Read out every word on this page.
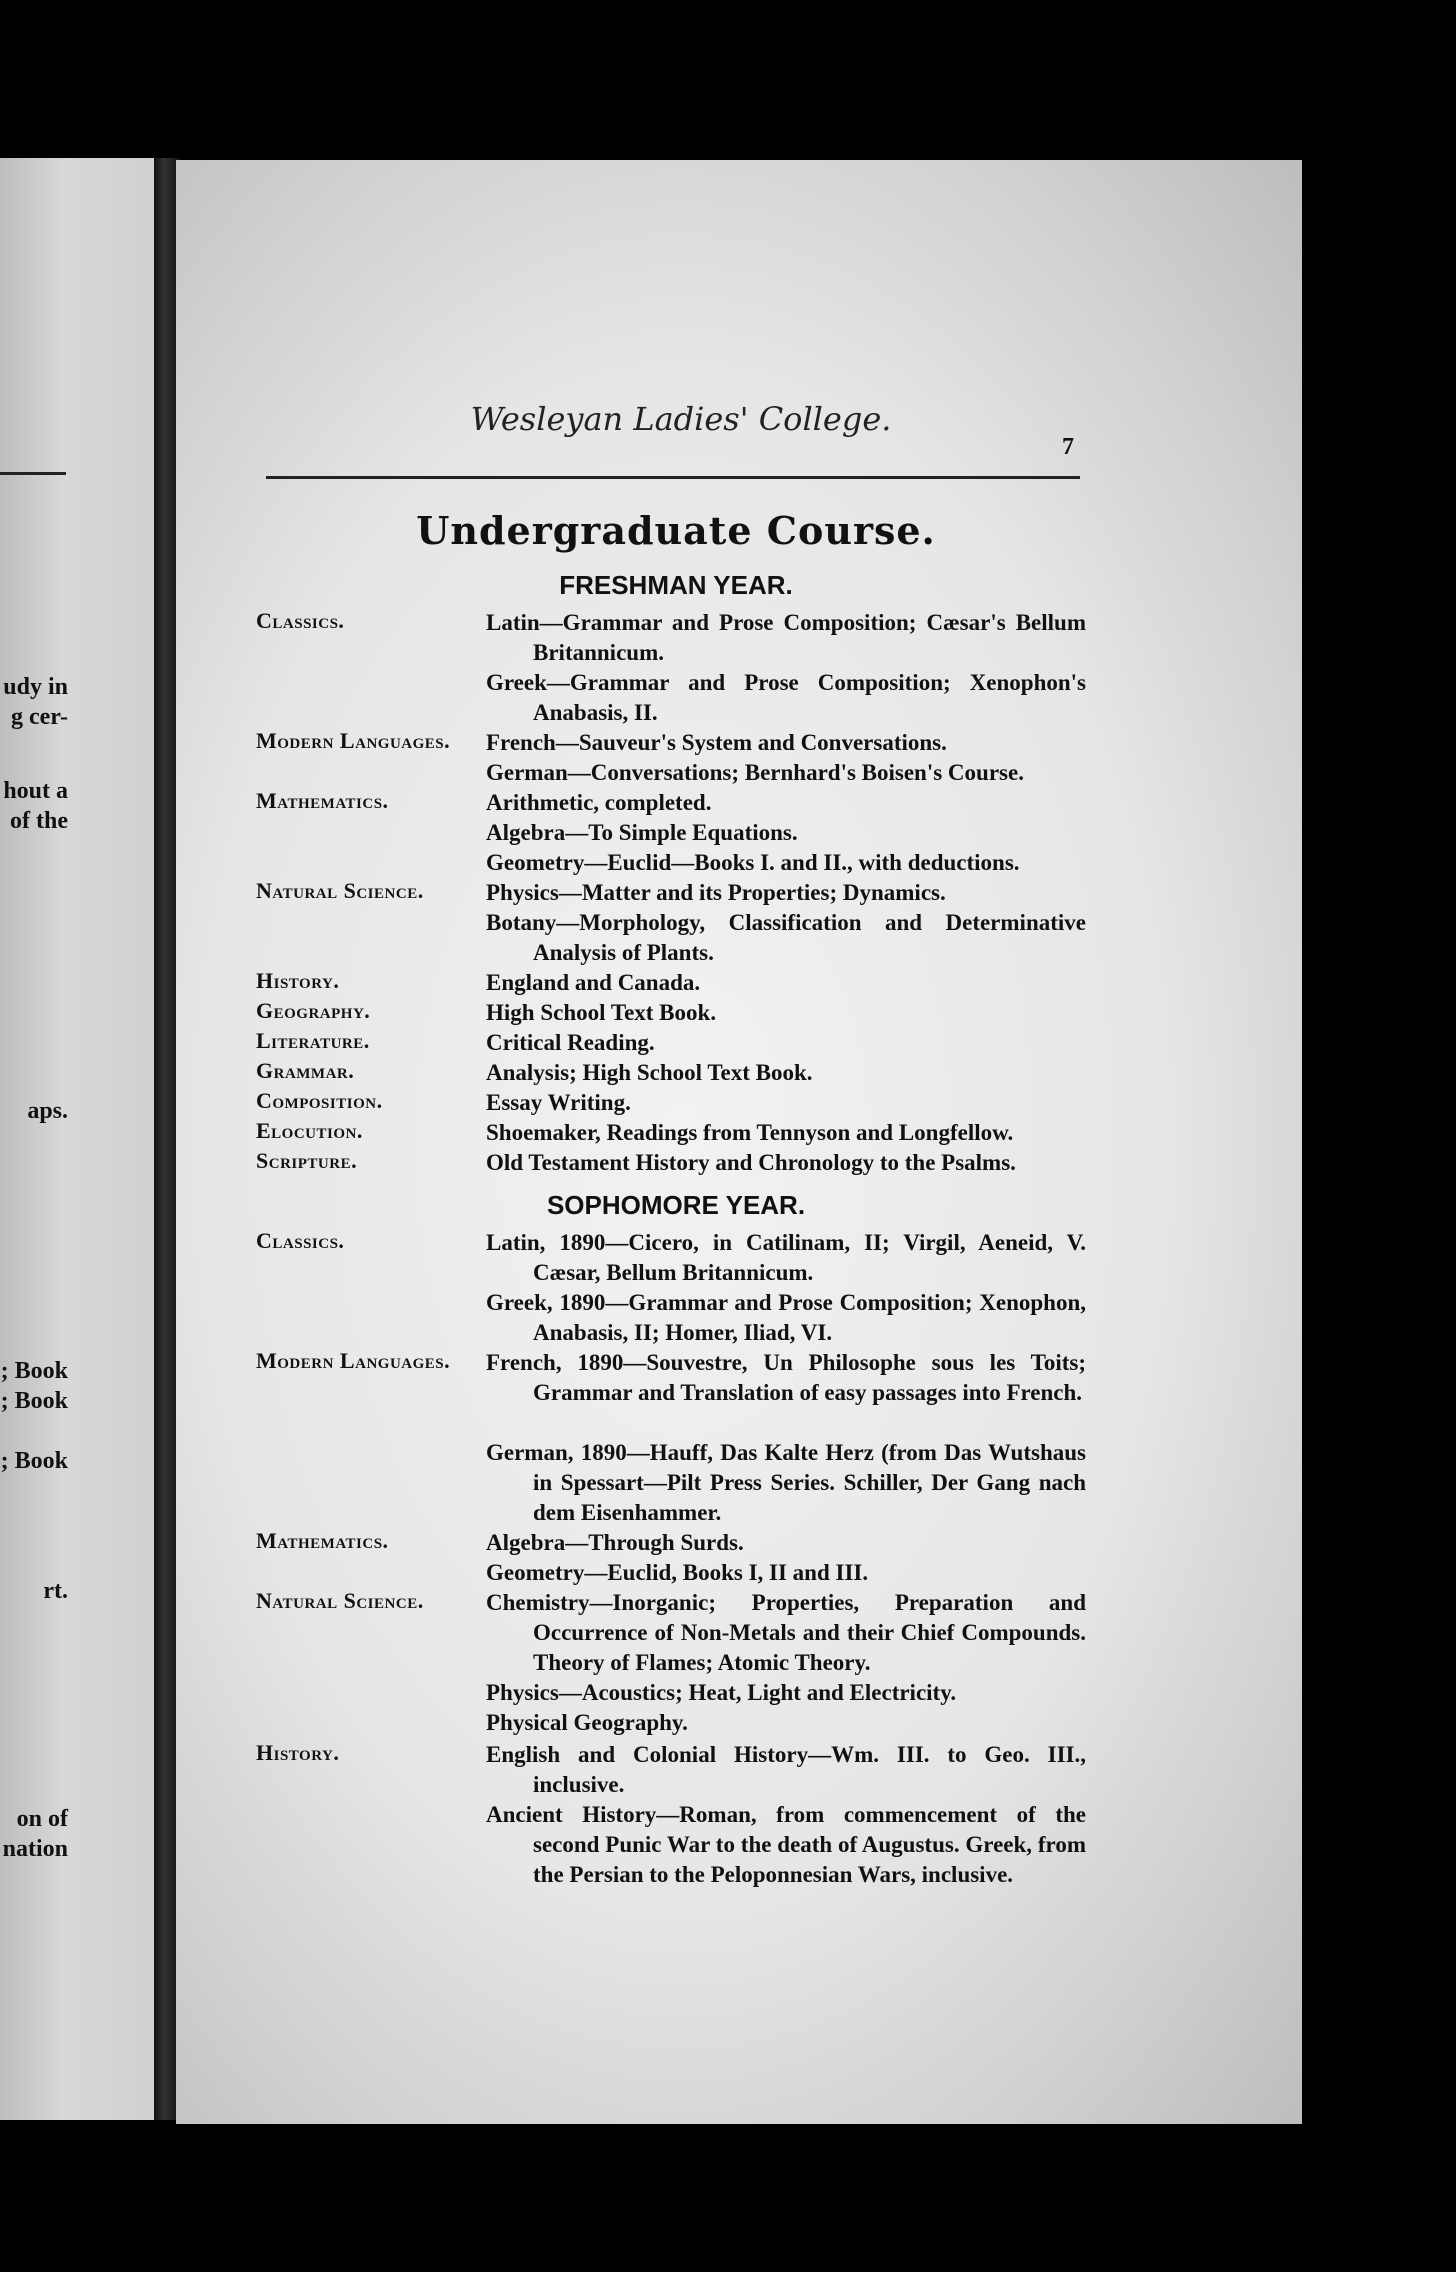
udy in
g cer-
hout a
of the
aps.
; Book
; Book
; Book
rt.
on of
nation
Wesleyan Ladies' College.
7
Undergraduate Course.
FRESHMAN YEAR.
Classics.	Latin—Grammar and Prose Composition; Cæsar's Bellum Britannicum.
Greek—Grammar and Prose Composition; Xenophon's Anabasis, II.
Modern Languages. French—Sauveur's System and Conversations.
German—Conversations; Bernhard's Boisen's Course.
Mathematics.	Arithmetic, completed.
Algebra—To Simple Equations.
Geometry—Euclid—Books I. and II., with deductions.
Natural Science.	Physics—Matter and its Properties; Dynamics.
Botany—Morphology, Classification and Determinative Analysis of Plants.
History.	England and Canada.
Geography.	High School Text Book.
Literature.	Critical Reading.
Grammar.	Analysis; High School Text Book.
Composition.	Essay Writing.
Elocution.	Shoemaker, Readings from Tennyson and Longfellow.
Scripture.	Old Testament History and Chronology to the Psalms.
SOPHOMORE YEAR.
Classics.	Latin, 1890—Cicero, in Catilinam, II; Virgil, Aeneid, V. Cæsar, Bellum Britannicum.
Greek, 1890—Grammar and Prose Composition; Xenophon, Anabasis, II; Homer, Iliad, VI.
Modern Languages. French, 1890—Souvestre, Un Philosophe sous les Toits; Grammar and Translation of easy passages into French.
German, 1890—Hauff, Das Kalte Herz (from Das Wutshaus in Spessart—Pilt Press Series. Schiller, Der Gang nach dem Eisenhammer.
Mathematics.	Algebra—Through Surds.
Geometry—Euclid, Books I, II and III.
Natural Science.	Chemistry—Inorganic; Properties, Preparation and Occurrence of Non-Metals and their Chief Compounds. Theory of Flames; Atomic Theory.
Physics—Acoustics; Heat, Light and Electricity.
Physical Geography.
History.	English and Colonial History—Wm. III. to Geo. III., inclusive.
Ancient History—Roman, from commencement of the second Punic War to the death of Augustus. Greek, from the Persian to the Peloponnesian Wars, inclusive.
